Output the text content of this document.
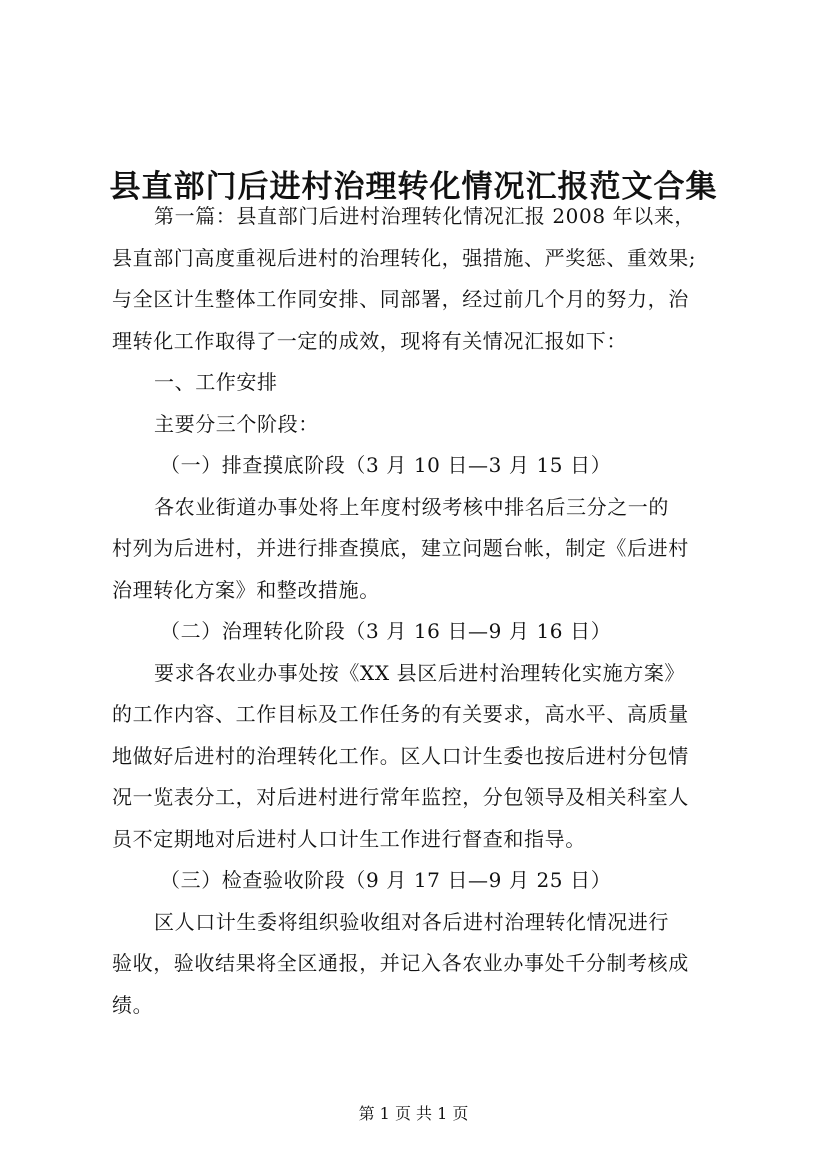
县直部门后进村治理转化情况汇报范文合集

第一篇：县直部门后进村治理转化情况汇报 2008 年以来，
县直部门高度重视后进村的治理转化，强措施、严奖惩、重效果;
与全区计生整体工作同安排、同部署，经过前几个月的努力，治
理转化工作取得了一定的成效，现将有关情况汇报如下：

一、工作安排

主要分三个阶段：

（一）排查摸底阶段（3 月 10 日—3 月 15 日）

各农业街道办事处将上年度村级考核中排名后三分之一的
村列为后进村，并进行排查摸底，建立问题台帐，制定《后进村
治理转化方案》和整改措施。

（二）治理转化阶段（3 月 16 日—9 月 16 日）

要求各农业办事处按《XX 县区后进村治理转化实施方案》
的工作内容、工作目标及工作任务的有关要求，高水平、高质量
地做好后进村的治理转化工作。区人口计生委也按后进村分包情
况一览表分工，对后进村进行常年监控，分包领导及相关科室人
员不定期地对后进村人口计生工作进行督查和指导。

（三）检查验收阶段（9 月 17 日—9 月 25 日）

区人口计生委将组织验收组对各后进村治理转化情况进行
验收，验收结果将全区通报，并记入各农业办事处千分制考核成
绩。

第 1 页 共 1 页
